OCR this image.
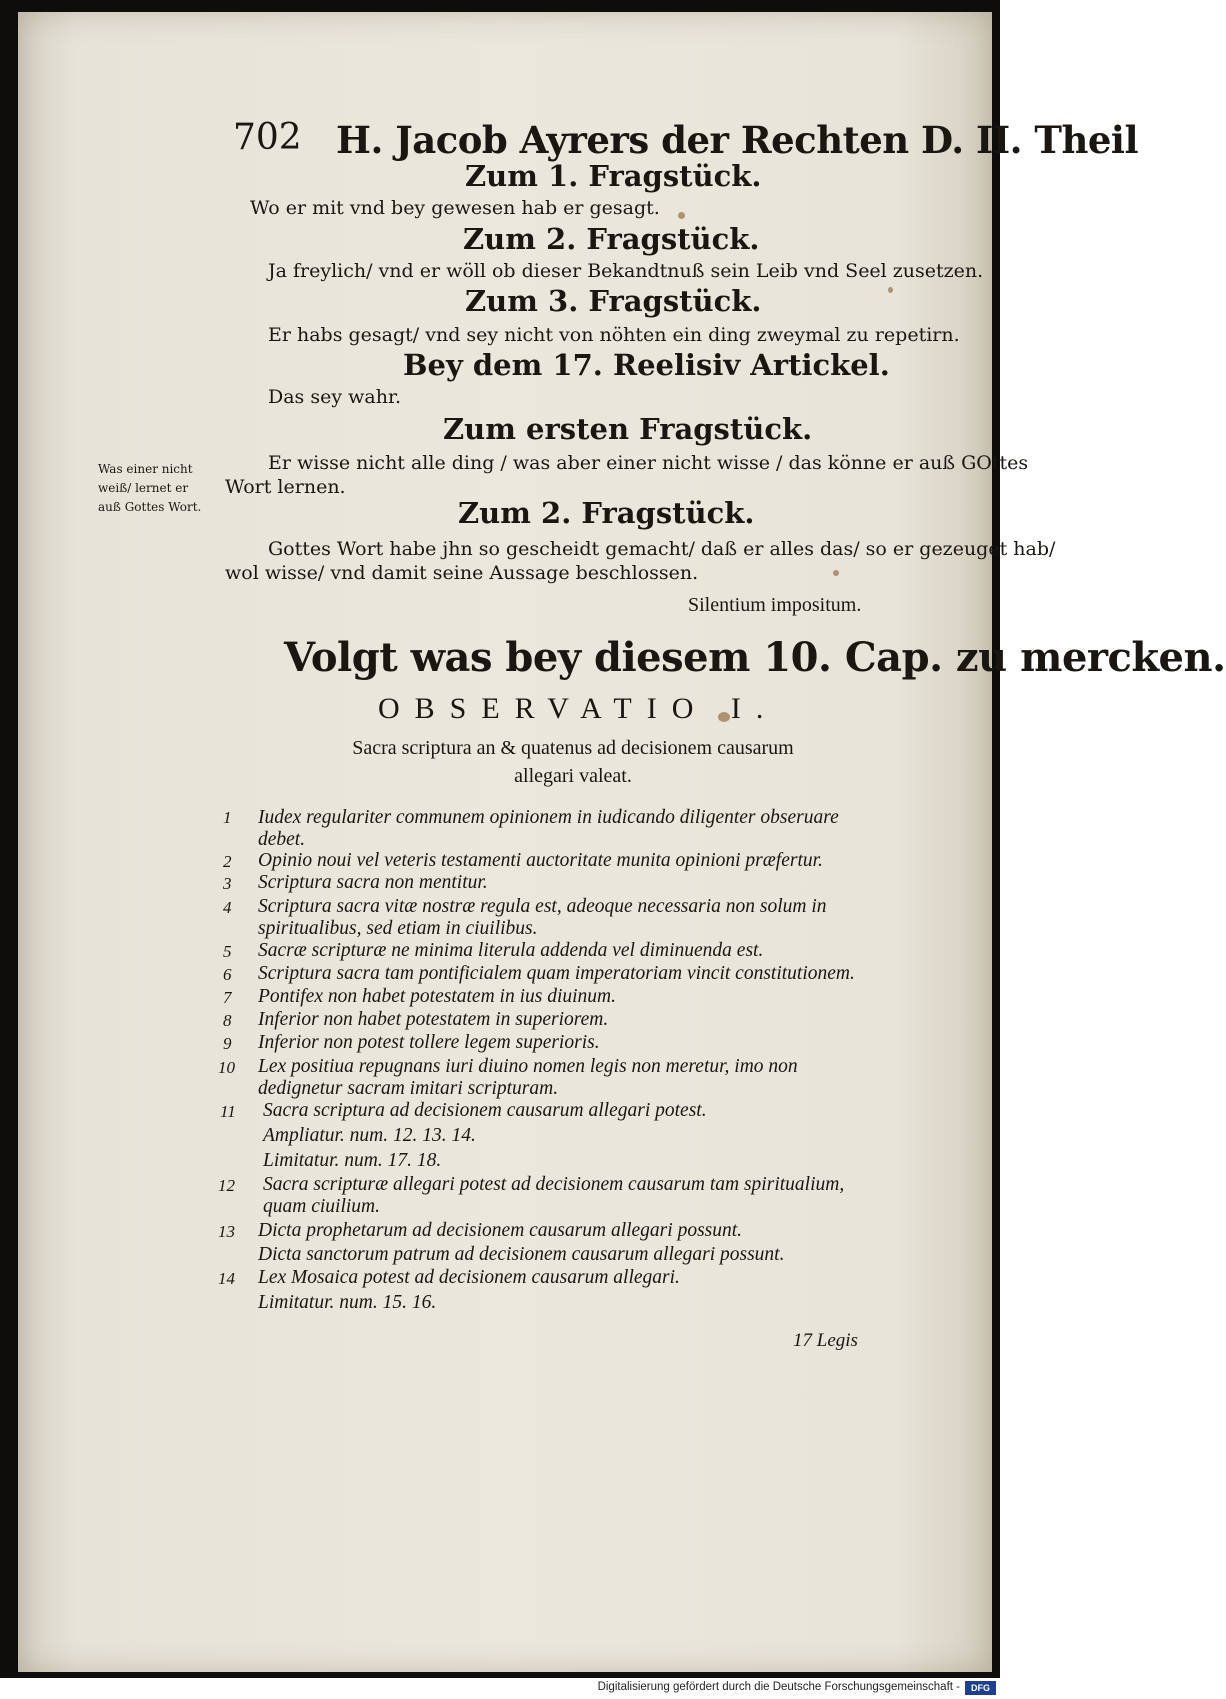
702 H. Jacob Ayrers der Rechten D. II. Theil
Zum 1. Fragstück.
Wo er mit vnd bey gewesen hab er gesagt.
Zum 2. Fragstück.
Ja freylich/ vnd er wöll ob dieser Bekandtnuß sein Leib vnd Seel zusetzen.
Zum 3. Fragstück.
Er habs gesagt/ vnd sey nicht von nöhten ein ding zweymal zu repetirn.
Bey dem 17. Reelisiv Artickel.
Das sey wahr.
Zum ersten Fragstück.
Er wisse nicht alle ding / was aber einer nicht wisse / das könne er auß GOttes
Wort lernen.
Was einer nicht weiß/ lernet er auß Gottes Wort.	Zum 2. Fragstück.
Gottes Wort habe jhn so gescheidt gemacht/ daß er alles das/ so er gezeuget hab/
wol wisse/ vnd damit seine Aussage beschlossen.
Silentium impositum.
Volgt was bey diesem 10. Cap. zu mercken.
OBSERVATIO I.
Sacra scriptura an & quatenus ad decisionem causarum allegari valeat.
1 Iudex regulariter communem opinionem in iudicando diligenter obseruare debet.
2 Opinio noui vel veteris testamenti auctoritate munita opinioni præfertur.
3 Scriptura sacra non mentitur.
4 Scriptura sacra vitæ nostræ regula est, adeoque necessaria non solum in spiritualibus, sed etiam in ciuilibus.
5 Sacræ scripturæ ne minima literula addenda vel diminuenda est.
6 Scriptura sacra tam pontificialem quam imperatoriam vincit constitutionem.
7 Pontifex non habet potestatem in ius diuinum.
8 Inferior non habet potestatem in superiorem.
9 Inferior non potest tollere legem superioris.
10 Lex positiua repugnans iuri diuino nomen legis non meretur, imo non dedignetur sacram imitari scripturam.
11 Sacra scriptura ad decisionem causarum allegari potest.
Ampliatur. num. 12. 13. 14.
Limitatur. num. 17. 18.
12 Sacra scripturæ allegari potest ad decisionem causarum tam spiritualium, quam ciuilium.
13 Dicta prophetarum ad decisionem causarum allegari possunt.
Dicta sanctorum patrum ad decisionem causarum allegari possunt.
14 Lex Mosaica potest ad decisionem causarum allegari.
Limitatur. num. 15. 16.
17 Legis
Digitalisierung gefördert durch die Deutsche Forschungsgemeinschaft -	DFG
